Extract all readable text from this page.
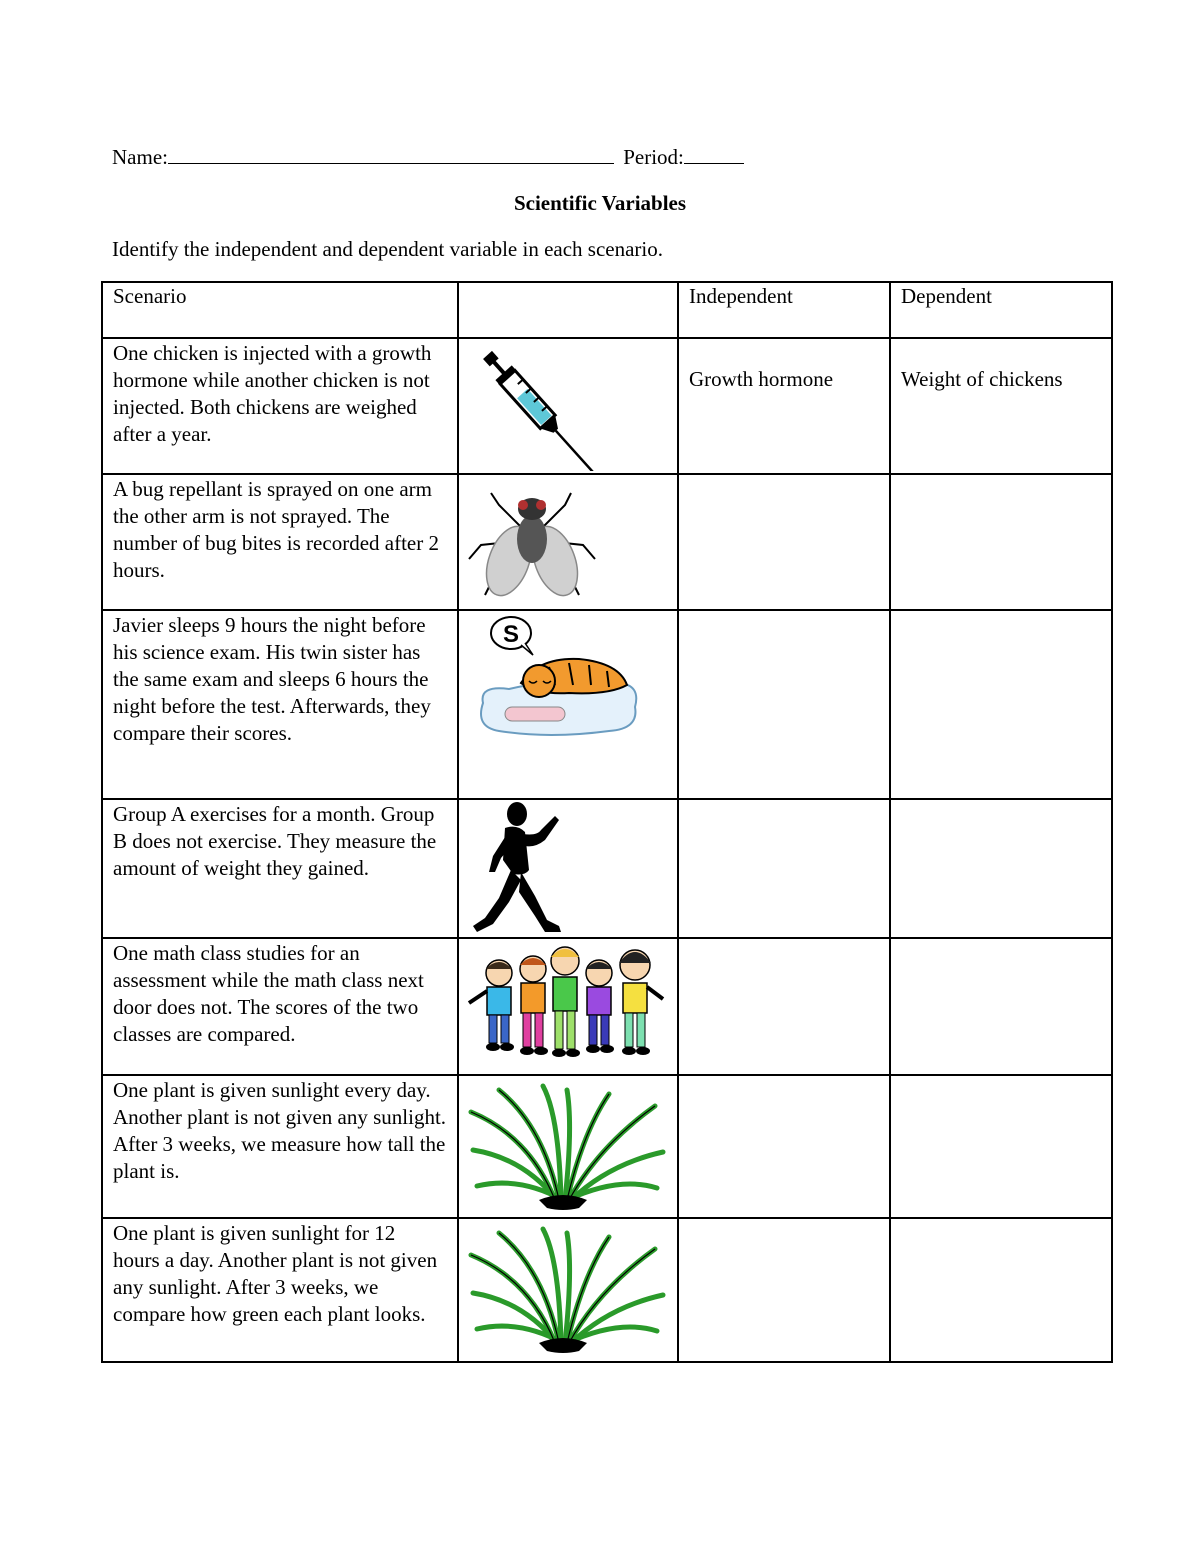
Name:	Period:
Scientific Variables
Identify the independent and dependent variable in each scenario.
Scenario		Independent	Dependent

One chicken is injected with a growth hormone while another chicken is not injected. Both chickens are weighed after a year.		Growth hormone	Weight of chickens

A bug repellant is sprayed on one arm the other arm is not sprayed. The number of bug bites is recorded after 2 hours.

Javier sleeps 9 hours the night before his science exam. His twin sister has the same exam and sleeps 6 hours the night before the test. Afterwards, they compare their scores.	S		

Group A exercises for a month. Group B does not exercise. They measure the amount of weight they gained.

One math class studies for an assessment while the math class next door does not. The scores of the two classes are compared.

One plant is given sunlight every day. Another plant is not given any sunlight. After 3 weeks, we measure how tall the plant is.

One plant is given sunlight for 12 hours a day. Another plant is not given any sunlight. After 3 weeks, we compare how green each plant looks.
